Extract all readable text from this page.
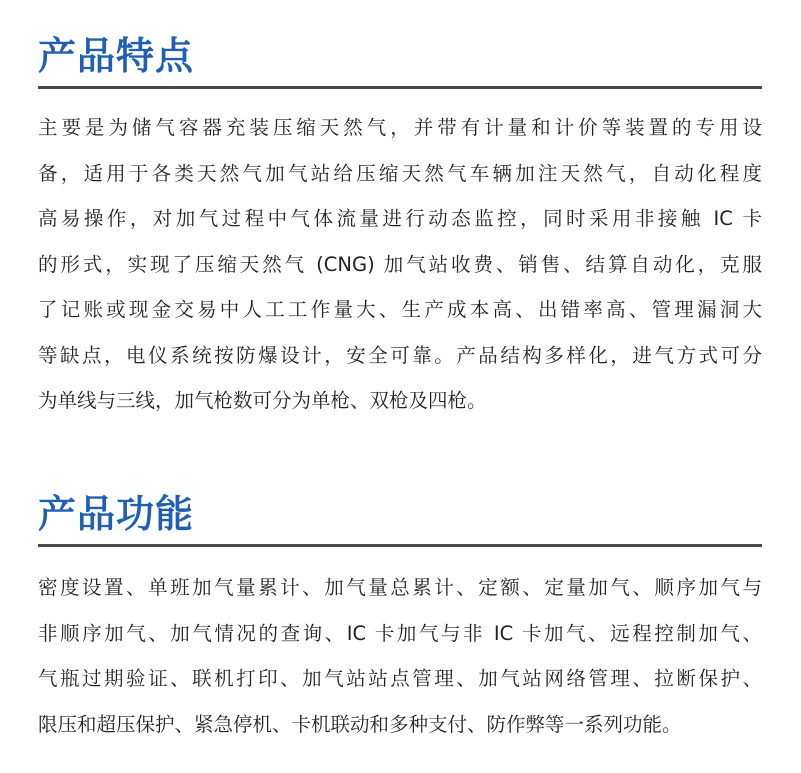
产品特点

主要是为储气容器充装压缩天然气，并带有计量和计价等装置的专用设
备，适用于各类天然气加气站给压缩天然气车辆加注天然气，自动化程度
高易操作，对加气过程中气体流量进行动态监控，同时采用非接触 IC 卡
的形式，实现了压缩天然气 (CNG) 加气站收费、销售、结算自动化，克服
了记账或现金交易中人工工作量大、生产成本高、出错率高、管理漏洞大
等缺点，电仪系统按防爆设计，安全可靠。产品结构多样化，进气方式可分
为单线与三线，加气枪数可分为单枪、双枪及四枪。

产品功能

密度设置、单班加气量累计、加气量总累计、定额、定量加气、顺序加气与
非顺序加气、加气情况的查询、IC 卡加气与非 IC 卡加气、远程控制加气、
气瓶过期验证、联机打印、加气站站点管理、加气站网络管理、拉断保护、
限压和超压保护、紧急停机、卡机联动和多种支付、防作弊等一系列功能。
